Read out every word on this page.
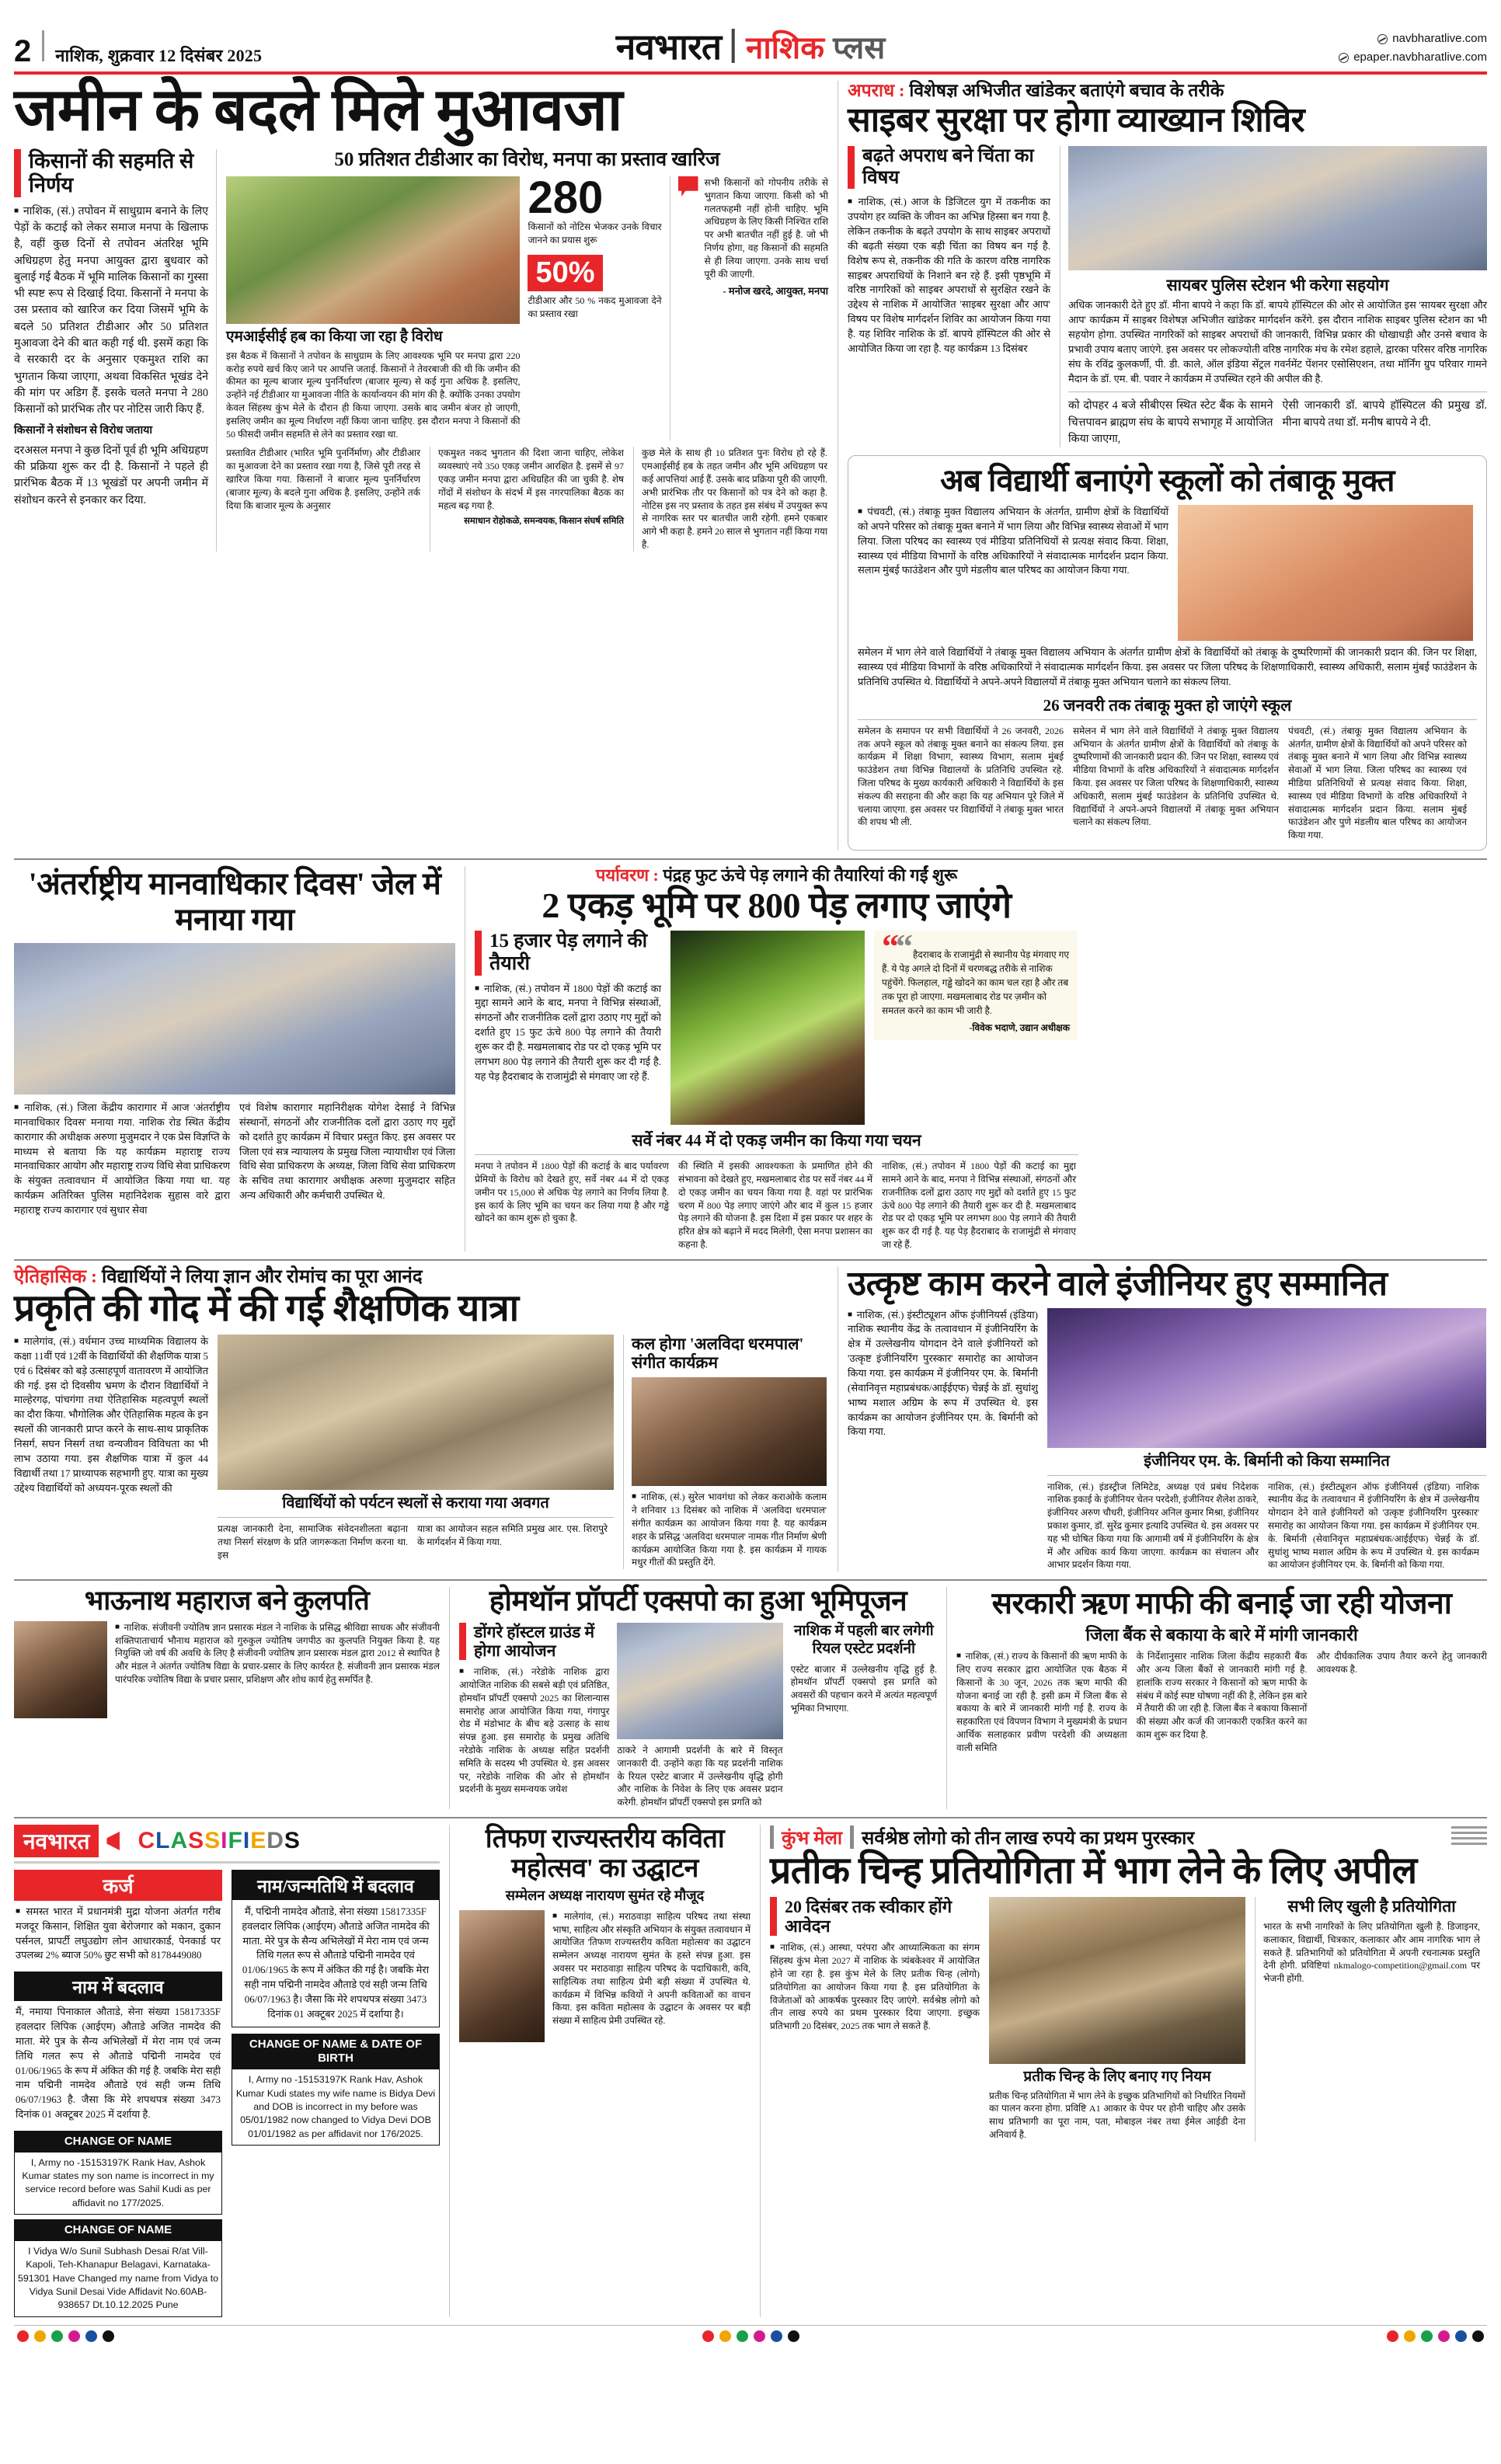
2 नाशिक, शुक्रवार 12 दिसंबर 2025	नवभारत नाशिक प्लस	navbharatlive.com
epaper.navbharatlive.com
जमीन के बदले मिले मुआवजा
किसानों की सहमति से निर्णय
■ नाशिक, (सं.) तपोवन में साधुग्राम बनाने के लिए पेड़ों के कटाई को लेकर समाज मनपा के खिलाफ है, वहीं कुछ दिनों से तपोवन अंतरिक्ष भूमि अधिग्रहण हेतु मनपा आयुक्त द्वारा बुधवार को बुलाई गई बैठक में भूमि मालिक किसानों का गुस्सा भी स्पष्ट रूप से दिखाई दिया. किसानों ने मनपा के उस प्रस्ताव को खारिज कर दिया जिसमें भूमि के बदले 50 प्रतिशत टीडीआर और 50 प्रतिशत मुआवजा देने की बात कही गई थी. इसमें कहा कि वे सरकारी दर के अनुसार एकमुश्त राशि का भुगतान किया जाएगा, अथवा विकसित भूखंड देने की मांग पर अडिग हैं. इसके चलते मनपा ने 280 किसानों को प्रारंभिक तौर पर नोटिस जारी किए हैं.
किसानों ने संशोधन से विरोध जताया
दरअसल मनपा ने कुछ दिनों पूर्व ही भूमि अधिग्रहण की प्रक्रिया शुरू कर दी है. किसानों ने पहले ही प्रारंभिक बैठक में 13 भूखंडों पर अपनी जमीन में संशोधन करने से इनकार कर दिया.
50 प्रतिशत टीडीआर का विरोध, मनपा का प्रस्ताव खारिज
एमआईसीई हब का किया जा रहा है विरोध
इस बैठक में किसानों ने तपोवन के साधुग्राम के लिए आवश्यक भूमि पर मनपा द्वारा 220 करोड़ रुपये खर्च किए जाने पर आपत्ति जताई. किसानों ने तेवरबाजी की थी कि जमीन की कीमत का मूल्य बाजार मूल्य पुनर्निर्धारण (बाजार मूल्य) से कई गुना अधिक है. इसलिए, उन्होंने नई टीडीआर या मुआवजा नीति के कार्यान्वयन की मांग की है. क्योंकि उनका उपयोग केवल सिंहस्थ कुंभ मेले के दौरान ही किया जाएगा. उसके बाद जमीन बंजर हो जाएगी, इसलिए जमीन का मूल्य निर्धारण नहीं किया जाना चाहिए. इस दौरान मनपा ने किसानों की 50 फीसदी जमीन सहमति से लेने का प्रस्ताव रखा था.
280
किसानों को नोटिस भेजकर उनके विचार जानने का प्रयास शुरू
50%
टीडीआर और 50 % नकद मुआवजा देने का प्रस्ताव रखा
सभी किसानों को गोपनीय तरीके से भुगतान किया जाएगा. किसी को भी गलतफहमी नहीं होनी चाहिए. भूमि अधिग्रहण के लिए किसी निश्चित राशि पर अभी बातचीत नहीं हुई है. जो भी निर्णय होगा, वह किसानों की सहमति से ही लिया जाएगा. उनके साथ चर्चा पूरी की जाएगी.
- मनोज खरदे, आयुक्त, मनपा
प्रस्तावित टीडीआर (भारित भूमि पुनर्निर्माण) और टीडीआर का मुआवजा देने का प्रस्ताव रखा गया है, जिसे पूरी तरह से खारिज किया गया. किसानों ने बाजार मूल्य पुनर्निर्धारण (बाजार मूल्य) के बदले गुना अधिक है. इसलिए, उन्होंने तर्क दिया कि बाजार मूल्य के अनुसार
एकमुश्त नकद भुगतान की दिशा जाना चाहिए, लोकेश व्यवस्थाएं नये 350 एकड़ जमीन आरक्षित है. इसमें से 97 एकड़ जमीन मनपा द्वारा अधिग्रहित की जा चुकी है. शेष गोंदों में संशोधन के संदर्भ में इस नगरपालिका बैठक का महत्व बढ़ गया है.
समाधान रोहोकळे, समन्वयक, किसान संघर्ष समिति
कुछ मेले के साथ ही 10 प्रतिशत पुनः विरोध हो रहे हैं. एमआईसीई हब के तहत जमीन और भूमि अधिग्रहण पर कई आपत्तियां आई हैं. उसके बाद प्रक्रिया पूरी की जाएगी. अभी प्रारंभिक तौर पर किसानों को पत्र देने को कहा है. नोटिस इस नए प्रस्ताव के तहत इस संबंध में उपयुक्त रूप से नागरिक स्तर पर बातचीत जारी रहेगी. हमने एकबार आगे भी कहा है. हमने 20 साल से भुगतान नहीं किया गया है.
अपराध : विशेषज्ञ अभिजीत खांडेकर बताएंगे बचाव के तरीके
साइबर सुरक्षा पर होगा व्याख्यान शिविर
बढ़ते अपराध बने चिंता का विषय
■ नाशिक, (सं.) आज के डिजिटल युग में तकनीक का उपयोग हर व्यक्ति के जीवन का अभिन्न हिस्सा बन गया है. लेकिन तकनीक के बढ़ते उपयोग के साथ साइबर अपराधों की बढ़ती संख्या एक बड़ी चिंता का विषय बन गई है. विशेष रूप से, तकनीक की गति के कारण वरिष्ठ नागरिक साइबर अपराधियों के निशाने बन रहे हैं. इसी पृष्ठभूमि में वरिष्ठ नागरिकों को साइबर अपराधों से सुरक्षित रखने के उद्देश्य से नाशिक में आयोजित 'साइबर सुरक्षा और आप' विषय पर विशेष मार्गदर्शन शिविर का आयोजन किया गया है. यह शिविर नाशिक के डॉ. बापये हॉस्पिटल की ओर से आयोजित किया जा रहा है. यह कार्यक्रम 13 दिसंबर
सायबर पुलिस स्टेशन भी करेगा सहयोग
अधिक जानकारी देते हुए डॉ. मीना बापये ने कहा कि डॉ. बापये हॉस्पिटल की ओर से आयोजित इस 'सायबर सुरक्षा और आप' कार्यक्रम में साइबर विशेषज्ञ अभिजीत खांडेकर मार्गदर्शन करेंगे. इस दौरान नाशिक साइबर पुलिस स्टेशन का भी सहयोग होगा. उपस्थित नागरिकों को साइबर अपराधों की जानकारी, विभिन्न प्रकार की धोखाधड़ी और उनसे बचाव के प्रभावी उपाय बताए जाएंगे. इस अवसर पर लोकज्योती वरिष्ठ नागरिक मंच के रमेश डहाले, द्वारका परिसर वरिष्ठ नागरिक संघ के रविंद्र कुलकर्णी, पी. डी. काले, ऑल इंडिया सेंट्रल गवर्नमेंट पेंशनर एसोसिएशन, तथा मॉर्निंग ग्रुप परिवार गामने मैदान के डॉ. एम. बी. पवार ने कार्यक्रम में उपस्थित रहने की अपील की है.
को दोपहर 4 बजे सीबीएस स्थित स्टेट बैंक के सामने चित्तपावन ब्राह्मण संघ के बापये सभागृह में आयोजित किया जाएगा,
ऐसी जानकारी डॉ. बापये हॉस्पिटल की प्रमुख डॉ. मीना बापये तथा डॉ. मनीष बापये ने दी.
अब विद्यार्थी बनाएंगे स्कूलों को तंबाकू मुक्त
■ पंचवटी, (सं.) तंबाकू मुक्त विद्यालय अभियान के अंतर्गत, ग्रामीण क्षेत्रों के विद्यार्थियों को अपने परिसर को तंबाकू मुक्त बनाने में भाग लिया और विभिन्न स्वास्थ्य सेवाओं में भाग लिया. जिला परिषद का स्वास्थ्य एवं मीडिया प्रतिनिधियों से प्रत्यक्ष संवाद किया. शिक्षा, स्वास्थ्य एवं मीडिया विभागों के वरिष्ठ अधिकारियों ने संवादात्मक मार्गदर्शन प्रदान किया. सलाम मुंबई फाउंडेशन और पुणे मंडलीय बाल परिषद का आयोजन किया गया.
समेलन में भाग लेने वाले विद्यार्थियों ने तंबाकू मुक्त विद्यालय अभियान के अंतर्गत ग्रामीण क्षेत्रों के विद्यार्थियों को तंबाकू के दुष्परिणामों की जानकारी प्रदान की. जिन पर शिक्षा, स्वास्थ्य एवं मीडिया विभागों के वरिष्ठ अधिकारियों ने संवादात्मक मार्गदर्शन किया. इस अवसर पर जिला परिषद के शिक्षणाधिकारी, स्वास्थ्य अधिकारी, सलाम मुंबई फाउंडेशन के प्रतिनिधि उपस्थित थे. विद्यार्थियों ने अपने-अपने विद्यालयों में तंबाकू मुक्त अभियान चलाने का संकल्प लिया.
26 जनवरी तक तंबाकू मुक्त हो जाएंगे स्कूल
समेलन के समापन पर सभी विद्यार्थियों ने 26 जनवरी, 2026 तक अपने स्कूल को तंबाकू मुक्त बनाने का संकल्प लिया. इस कार्यक्रम में शिक्षा विभाग, स्वास्थ्य विभाग, सलाम मुंबई फाउंडेशन तथा विभिन्न विद्यालयों के प्रतिनिधि उपस्थित रहे. जिला परिषद के मुख्य कार्यकारी अधिकारी ने विद्यार्थियों के इस संकल्प की सराहना की और कहा कि यह अभियान पूरे जिले में चलाया जाएगा. इस अवसर पर विद्यार्थियों ने तंबाकू मुक्त भारत की शपथ भी ली.
समेलन में भाग लेने वाले विद्यार्थियों ने तंबाकू मुक्त विद्यालय अभियान के अंतर्गत ग्रामीण क्षेत्रों के विद्यार्थियों को तंबाकू के दुष्परिणामों की जानकारी प्रदान की. जिन पर शिक्षा, स्वास्थ्य एवं मीडिया विभागों के वरिष्ठ अधिकारियों ने संवादात्मक मार्गदर्शन किया. इस अवसर पर जिला परिषद के शिक्षणाधिकारी, स्वास्थ्य अधिकारी, सलाम मुंबई फाउंडेशन के प्रतिनिधि उपस्थित थे. विद्यार्थियों ने अपने-अपने विद्यालयों में तंबाकू मुक्त अभियान चलाने का संकल्प लिया.
पंचवटी, (सं.) तंबाकू मुक्त विद्यालय अभियान के अंतर्गत, ग्रामीण क्षेत्रों के विद्यार्थियों को अपने परिसर को तंबाकू मुक्त बनाने में भाग लिया और विभिन्न स्वास्थ्य सेवाओं में भाग लिया. जिला परिषद का स्वास्थ्य एवं मीडिया प्रतिनिधियों से प्रत्यक्ष संवाद किया. शिक्षा, स्वास्थ्य एवं मीडिया विभागों के वरिष्ठ अधिकारियों ने संवादात्मक मार्गदर्शन प्रदान किया. सलाम मुंबई फाउंडेशन और पुणे मंडलीय बाल परिषद का आयोजन किया गया.
'अंतर्राष्ट्रीय मानवाधिकार दिवस' जेल में मनाया गया
■ नाशिक, (सं.) जिला केंद्रीय कारागार में आज 'अंतर्राष्ट्रीय मानवाधिकार दिवस' मनाया गया. नाशिक रोड स्थित केंद्रीय कारागार की अधीक्षक अरुणा मुजुमदार ने एक प्रेस विज्ञप्ति के माध्यम से बताया कि यह कार्यक्रम महाराष्ट्र राज्य मानवाधिकार आयोग और महाराष्ट्र राज्य विधि सेवा प्राधिकरण के संयुक्त तत्वावधान में आयोजित किया गया था. यह कार्यक्रम अतिरिक्त पुलिस महानिदेशक सुहास वारे द्वारा महाराष्ट्र राज्य कारागार एवं सुधार सेवा
एवं विशेष कारागार महानिरीक्षक योगेश देसाई ने विभिन्न संस्थानों, संगठनों और राजनीतिक दलों द्वारा उठाए गए मुद्दों को दर्शाते हुए कार्यक्रम में विचार प्रस्तुत किए. इस अवसर पर जिला एवं सत्र न्यायालय के प्रमुख जिला न्यायाधीश एवं जिला विधि सेवा प्राधिकरण के अध्यक्ष, जिला विधि सेवा प्राधिकरण के सचिव तथा कारागार अधीक्षक अरुणा मुजुमदार सहित अन्य अधिकारी और कर्मचारी उपस्थित थे.
पर्यावरण : पंद्रह फुट ऊंचे पेड़ लगाने की तैयारियां की गईं शुरू
2 एकड़ भूमि पर 800 पेड़ लगाए जाएंगे
15 हजार पेड़ लगाने की तैयारी
■ नाशिक, (सं.) तपोवन में 1800 पेड़ों की कटाई का मुद्दा सामने आने के बाद, मनपा ने विभिन्न संस्थाओं, संगठनों और राजनीतिक दलों द्वारा उठाए गए मुद्दों को दर्शाते हुए 15 फुट ऊंचे 800 पेड़ लगाने की तैयारी शुरू कर दी है. मखमलाबाद रोड पर दो एकड़ भूमि पर लगभग 800 पेड़ लगाने की तैयारी शुरू कर दी गई है. यह पेड़ हैदराबाद के राजामुंद्री से मंगवाए जा रहे हैं.
““ हैदराबाद के राजामुंद्री से स्थानीय पेड़ मंगवाए गए हैं. ये पेड़ अगले दो दिनों में चरणबद्ध तरीके से नाशिक पहुंचेंगे. फिलहाल, गड्ढे खोदने का काम चल रहा है और तब तक पूरा हो जाएगा. मखमलाबाद रोड पर ज़मीन को समतल करने का काम भी जारी है.
-विवेक भदाणे, उद्यान अधीक्षक
सर्वे नंबर 44 में दो एकड़ जमीन का किया गया चयन
मनपा ने तपोवन में 1800 पेड़ों की कटाई के बाद पर्यावरण प्रेमियों के विरोध को देखते हुए, सर्वे नंबर 44 में दो एकड़ जमीन पर 15,000 से अधिक पेड़ लगाने का निर्णय लिया है. इस कार्य के लिए भूमि का चयन कर लिया गया है और गड्ढे खोदने का काम शुरू हो चुका है.
की स्थिति में इसकी आवश्यकता के प्रमाणित होने की संभावना को देखते हुए, मखमलाबाद रोड पर सर्वे नंबर 44 में दो एकड़ जमीन का चयन किया गया है. वहां पर प्रारंभिक चरण में 800 पेड़ लगाए जाएंगे और बाद में कुल 15 हजार पेड़ लगाने की योजना है. इस दिशा में इस प्रकार पर शहर के हरित क्षेत्र को बढ़ाने में मदद मिलेगी, ऐसा मनपा प्रशासन का कहना है.
नाशिक, (सं.) तपोवन में 1800 पेड़ों की कटाई का मुद्दा सामने आने के बाद, मनपा ने विभिन्न संस्थाओं, संगठनों और राजनीतिक दलों द्वारा उठाए गए मुद्दों को दर्शाते हुए 15 फुट ऊंचे 800 पेड़ लगाने की तैयारी शुरू कर दी है. मखमलाबाद रोड पर दो एकड़ भूमि पर लगभग 800 पेड़ लगाने की तैयारी शुरू कर दी गई है. यह पेड़ हैदराबाद के राजामुंद्री से मंगवाए जा रहे हैं.
ऐतिहासिक : विद्यार्थियों ने लिया ज्ञान और रोमांच का पूरा आनंद
प्रकृति की गोद में की गई शैक्षणिक यात्रा
■ मालेगांव, (सं.) वर्धमान उच्च माध्यमिक विद्यालय के कक्षा 11वीं एवं 12वीं के विद्यार्थियों की शैक्षणिक यात्रा 5 एवं 6 दिसंबर को बड़े उत्साहपूर्ण वातावरण में आयोजित की गई. इस दो दिवसीय भ्रमण के दौरान विद्यार्थियों ने माल्हेरगढ़, पांचगंगा तथा ऐतिहासिक महत्वपूर्ण स्थलों का दौरा किया. भौगोलिक और ऐतिहासिक महत्व के इन स्थलों की जानकारी प्राप्त करने के साथ-साथ प्राकृतिक निसर्ग, सघन निसर्ग तथा वन्यजीवन विविधता का भी लाभ उठाया गया. इस शैक्षणिक यात्रा में कुल 44 विद्यार्थी तथा 17 प्राध्यापक सहभागी हुए. यात्रा का मुख्य उद्देश्य विद्यार्थियों को अध्ययन-पूरक स्थलों की
विद्यार्थियों को पर्यटन स्थलों से कराया गया अवगत
प्रत्यक्ष जानकारी देना, सामाजिक संवेदनशीलता बढ़ाना तथा निसर्ग संरक्षण के प्रति जागरूकता निर्माण करना था. इस
यात्रा का आयोजन सहल समिति प्रमुख आर. एस. शिरापुरे के मार्गदर्शन में किया गया.
कल होगा 'अलविदा धरमपाल' संगीत कार्यक्रम
■ नाशिक, (सं.) सुरेल भावगंधा को लेकर कराओके कलाम ने शनिवार 13 दिसंबर को नाशिक में 'अलविदा धरमपाल' संगीत कार्यक्रम का आयोजन किया गया है. यह कार्यक्रम शहर के प्रसिद्ध 'अलविदा धरमपाल' नामक गीत निर्माण श्रेणी कार्यक्रम आयोजित किया गया है. इस कार्यक्रम में गायक मधुर गीतों की प्रस्तुति देंगे.
उत्कृष्ट काम करने वाले इंजीनियर हुए सम्मानित
■ नाशिक, (सं.) इंस्टीट्यूशन ऑफ इंजीनियर्स (इंडिया) नाशिक स्थानीय केंद्र के तत्वावधान में इंजीनियरिंग के क्षेत्र में उल्लेखनीय योगदान देने वाले इंजीनियरों को 'उत्कृष्ट इंजीनियरिंग पुरस्कार' समारोह का आयोजन किया गया. इस कार्यक्रम में इंजीनियर एम. के. बिर्मानी (सेवानिवृत्त महाप्रबंधक/आईईएफ) चेन्नई के डॉ. सुधांशु भाष्य मशाल अग्रिम के रूप में उपस्थित थे. इस कार्यक्रम का आयोजन इंजीनियर एम. के. बिर्मानी को किया गया.
इंजीनियर एम. के. बिर्मानी को किया सम्मानित
नाशिक, (सं.) इंडस्ट्रीज लिमिटेड, अध्यक्ष एवं प्रबंध निदेशक नाशिक इकाई के इंजीनियर चेतन परदेशी, इंजीनियर शैलेश ठाकरे, इंजीनियर अरुण चौधरी, इंजीनियर अनिल कुमार मिश्रा, इंजीनियर प्रकाश कुमार, डॉ. सुरेंद्र कुमार इत्यादि उपस्थित थे. इस अवसर पर यह भी घोषित किया गया कि आगामी वर्ष में इंजीनियरिंग के क्षेत्र में और अधिक कार्य किया जाएगा. कार्यक्रम का संचालन और आभार प्रदर्शन किया गया.
नाशिक, (सं.) इंस्टीट्यूशन ऑफ इंजीनियर्स (इंडिया) नाशिक स्थानीय केंद्र के तत्वावधान में इंजीनियरिंग के क्षेत्र में उल्लेखनीय योगदान देने वाले इंजीनियरों को 'उत्कृष्ट इंजीनियरिंग पुरस्कार' समारोह का आयोजन किया गया. इस कार्यक्रम में इंजीनियर एम. के. बिर्मानी (सेवानिवृत्त महाप्रबंधक/आईईएफ) चेन्नई के डॉ. सुधांशु भाष्य मशाल अग्रिम के रूप में उपस्थित थे. इस कार्यक्रम का आयोजन इंजीनियर एम. के. बिर्मानी को किया गया.
भाऊनाथ महाराज बने कुलपति
■ नाशिक. संजीवनी ज्योतिष ज्ञान प्रसारक मंडल ने नाशिक के प्रसिद्ध श्रीविद्या साधक और संजीवनी शक्तिपाताचार्य भौनाथ महाराज को गुरुकुल ज्योतिष जगपीठ का कुलपति नियुक्त किया है. यह नियुक्ति जो वर्ष की अवधि के लिए है संजीवनी ज्योतिष ज्ञान प्रसारक मंडल द्वारा 2012 से स्थापित है और मंडल ने अंतर्गत ज्योतिष विद्या के प्रचार-प्रसार के लिए कार्यरत है. संजीवनी ज्ञान प्रसारक मंडल पारंपरिक ज्योतिष विद्या के प्रचार प्रसार, प्रशिक्षण और शोध कार्य हेतु समर्पित है.
होमथॉन प्रॉपर्टी एक्सपो का हुआ भूमिपूजन
डोंगरे हॉस्टल ग्राउंड में होगा आयोजन
■ नाशिक, (सं.) नरेडोके नाशिक द्वारा आयोजित नाशिक की सबसे बड़ी एवं प्रतिष्ठित, होमथॉन प्रॉपर्टी एक्सपो 2025 का शिलान्यास समारोह आज आयोजित किया गया, गंगापुर रोड में मंडोभाट के बीच बड़े उत्साह के साथ संपन्न हुआ. इस समारोह के प्रमुख अतिथि नरेडोके नाशिक के अध्यक्ष सहित प्रदर्शनी समिति के सदस्य भी उपस्थित थे. इस अवसर पर, नरेडोके नाशिक की ओर से होमथॉन प्रदर्शनी के मुख्य समन्वयक जयेश
ठाकरे ने आगामी प्रदर्शनी के बारे में विस्तृत जानकारी दी. उन्होंने कहा कि यह प्रदर्शनी नाशिक के रियल एस्टेट बाजार में उल्लेखनीय वृद्धि होगी और नाशिक के निवेश के लिए एक अवसर प्रदान करेगी. होमथॉन प्रॉपर्टी एक्सपो इस प्रगति को
नाशिक में पहली बार लगेगी रियल एस्टेट प्रदर्शनी
एस्टेट बाजार में उल्लेखनीय वृद्धि हुई है. होमथॉन प्रॉपर्टी एक्सपो इस प्रगति को अवसरों की पहचान करने में अत्यंत महत्वपूर्ण भूमिका निभाएगा.
सरकारी ऋण माफी की बनाई जा रही योजना
जिला बैंक से बकाया के बारे में मांगी जानकारी
■ नाशिक, (सं.) राज्य के किसानों की ऋण माफी के लिए राज्य सरकार द्वारा आयोजित एक बैठक में किसानों के 30 जून, 2026 तक ऋण माफी की योजना बनाई जा रही है. इसी क्रम में जिला बैंक से बकाया के बारे में जानकारी मांगी गई है. राज्य के सहकारिता एवं विपणन विभाग ने मुख्यमंत्री के प्रधान आर्थिक सलाहकार प्रवीण परदेशी की अध्यक्षता वाली समिति
के निर्देशानुसार नाशिक जिला केंद्रीय सहकारी बैंक और अन्य जिला बैंकों से जानकारी मांगी गई है. हालांकि राज्य सरकार ने किसानों को ऋण माफी के संबंध में कोई स्पष्ट घोषणा नहीं की है, लेकिन इस बारे में तैयारी की जा रही है. जिला बैंक ने बकाया किसानों की संख्या और कर्ज की जानकारी एकत्रित करने का काम शुरू कर दिया है.
और दीर्घकालिक उपाय तैयार करने हेतु जानकारी आवश्यक है.
नवभारत	CLASSIFIEDS
कर्ज
■ समस्त भारत में प्रधानमंत्री मुद्रा योजना अंतर्गत गरीब मजदूर किसान, शिक्षित युवा बेरोजगार को मकान, दुकान पर्सनल, प्रापर्टी लघुउद्योग लोन आधारकार्ड, पेनकार्ड पर उपलब्ध 2% ब्याज 50% छुट सभी को 8178449080
नाम में बदलाव
मैं, नमाया पिनाकाल औताडे, सेना संख्या 15817335F हवलदार लिपिक (आईएम) औताडे अजित नामदेव की माता. मेरे पुत्र के सैन्य अभिलेखों में मेरा नाम एवं जन्म तिथि गलत रूप से औताडे पद्मिनी नामदेव एवं 01/06/1965 के रूप में अंकित की गई है. जबकि मेरा सही नाम पद्मिनी नामदेव औताडे एवं सही जन्म तिथि 06/07/1963 है. जैसा कि मेरे शपथपत्र संख्या 3473 दिनांक 01 अक्टूबर 2025 में दर्शाया है.
CHANGE OF NAME
I, Army no -15153197K Rank Hav, Ashok Kumar states my son name is incorrect in my service record before was Sahil Kudi as per affidavit no 177/2025.
CHANGE OF NAME
I Vidya W/o Sunil Subhash Desai R/at Vill-Kapoli, Teh-Khanapur Belagavi, Karnataka-591301 Have Changed my name from Vidya to Vidya Sunil Desai Vide Affidavit No.60AB-938657 Dt.10.12.2025 Pune
नाम/जन्मतिथि में बदलाव
मैं, पद्मिनी नामदेव औताडे, सेना संख्या 15817335F हवलदार लिपिक (आईएम) औताडे अजित नामदेव की माता. मेरे पुत्र के सैन्य अभिलेखों में मेरा नाम एवं जन्म तिथि गलत रूप से औताडे पद्मिनी नामदेव एवं 01/06/1965 के रूप में अंकित की गई है। जबकि मेरा सही नाम पद्मिनी नामदेव औताडे एवं सही जन्म तिथि 06/07/1963 है। जैसा कि मेरे शपथपत्र संख्या 3473 दिनांक 01 अक्टूबर 2025 में दर्शाया है।
CHANGE OF NAME & DATE OF BIRTH
I, Army no -15153197K Rank Hav, Ashok Kumar Kudi states my wife name is Bidya Devi and DOB is incorrect in my before was 05/01/1982 now changed to Vidya Devi DOB 01/01/1982 as per affidavit nor 176/2025.
तिफण राज्यस्तरीय कविता महोत्सव' का उद्घाटन
सम्मेलन अध्यक्ष नारायण सुमंत रहे मौजूद
■ मालेगांव, (सं.) मराठवाड़ा साहित्य परिषद तथा संस्था भाषा, साहित्य और संस्कृति अभियान के संयुक्त तत्वावधान में आयोजित 'तिफण राज्यस्तरीय कविता महोत्सव' का उद्घाटन सम्मेलन अध्यक्ष नारायण सुमंत के हस्ते संपन्न हुआ. इस अवसर पर मराठवाड़ा साहित्य परिषद के पदाधिकारी, कवि, साहित्यिक तथा साहित्य प्रेमी बड़ी संख्या में उपस्थित थे. कार्यक्रम में विभिन्न कवियों ने अपनी कविताओं का वाचन किया. इस कविता महोत्सव के उद्घाटन के अवसर पर बड़ी संख्या में साहित्य प्रेमी उपस्थित रहे.
कुंभ मेला सर्वश्रेष्ठ लोगो को तीन लाख रुपये का प्रथम पुरस्कार
प्रतीक चिन्ह प्रतियोगिता में भाग लेने के लिए अपील
20 दिसंबर तक स्वीकार होंगे आवेदन
■ नाशिक, (सं.) आस्था, परंपरा और आध्यात्मिकता का संगम सिंहस्थ कुंभ मेला 2027 में नाशिक के त्र्यंबकेश्वर में आयोजित होने जा रहा है. इस कुंभ मेले के लिए प्रतीक चिन्ह (लोगो) प्रतियोगिता का आयोजन किया गया है. इस प्रतियोगिता के विजेताओं को आकर्षक पुरस्कार दिए जाएंगे. सर्वश्रेष्ठ लोगो को तीन लाख रुपये का प्रथम पुरस्कार दिया जाएगा. इच्छुक प्रतिभागी 20 दिसंबर, 2025 तक भाग ले सकते हैं.
प्रतीक चिन्ह के लिए बनाए गए नियम
प्रतीक चिन्ह प्रतियोगिता में भाग लेने के इच्छुक प्रतिभागियों को निर्धारित नियमों का पालन करना होगा. प्रविष्टि A1 आकार के पेपर पर होनी चाहिए और उसके साथ प्रतिभागी का पूरा नाम, पता, मोबाइल नंबर तथा ईमेल आईडी देना अनिवार्य है.
सभी लिए खुली है प्रतियोगिता
भारत के सभी नागरिकों के लिए प्रतियोगिता खुली है. डिजाइनर, कलाकार, विद्यार्थी, चित्रकार, कलाकार और आम नागरिक भाग ले सकते हैं. प्रतिभागियों को प्रतियोगिता में अपनी रचनात्मक प्रस्तुति देनी होगी. प्रविष्टियां nkmalogo-competition@gmail.com पर भेजनी होंगी.
